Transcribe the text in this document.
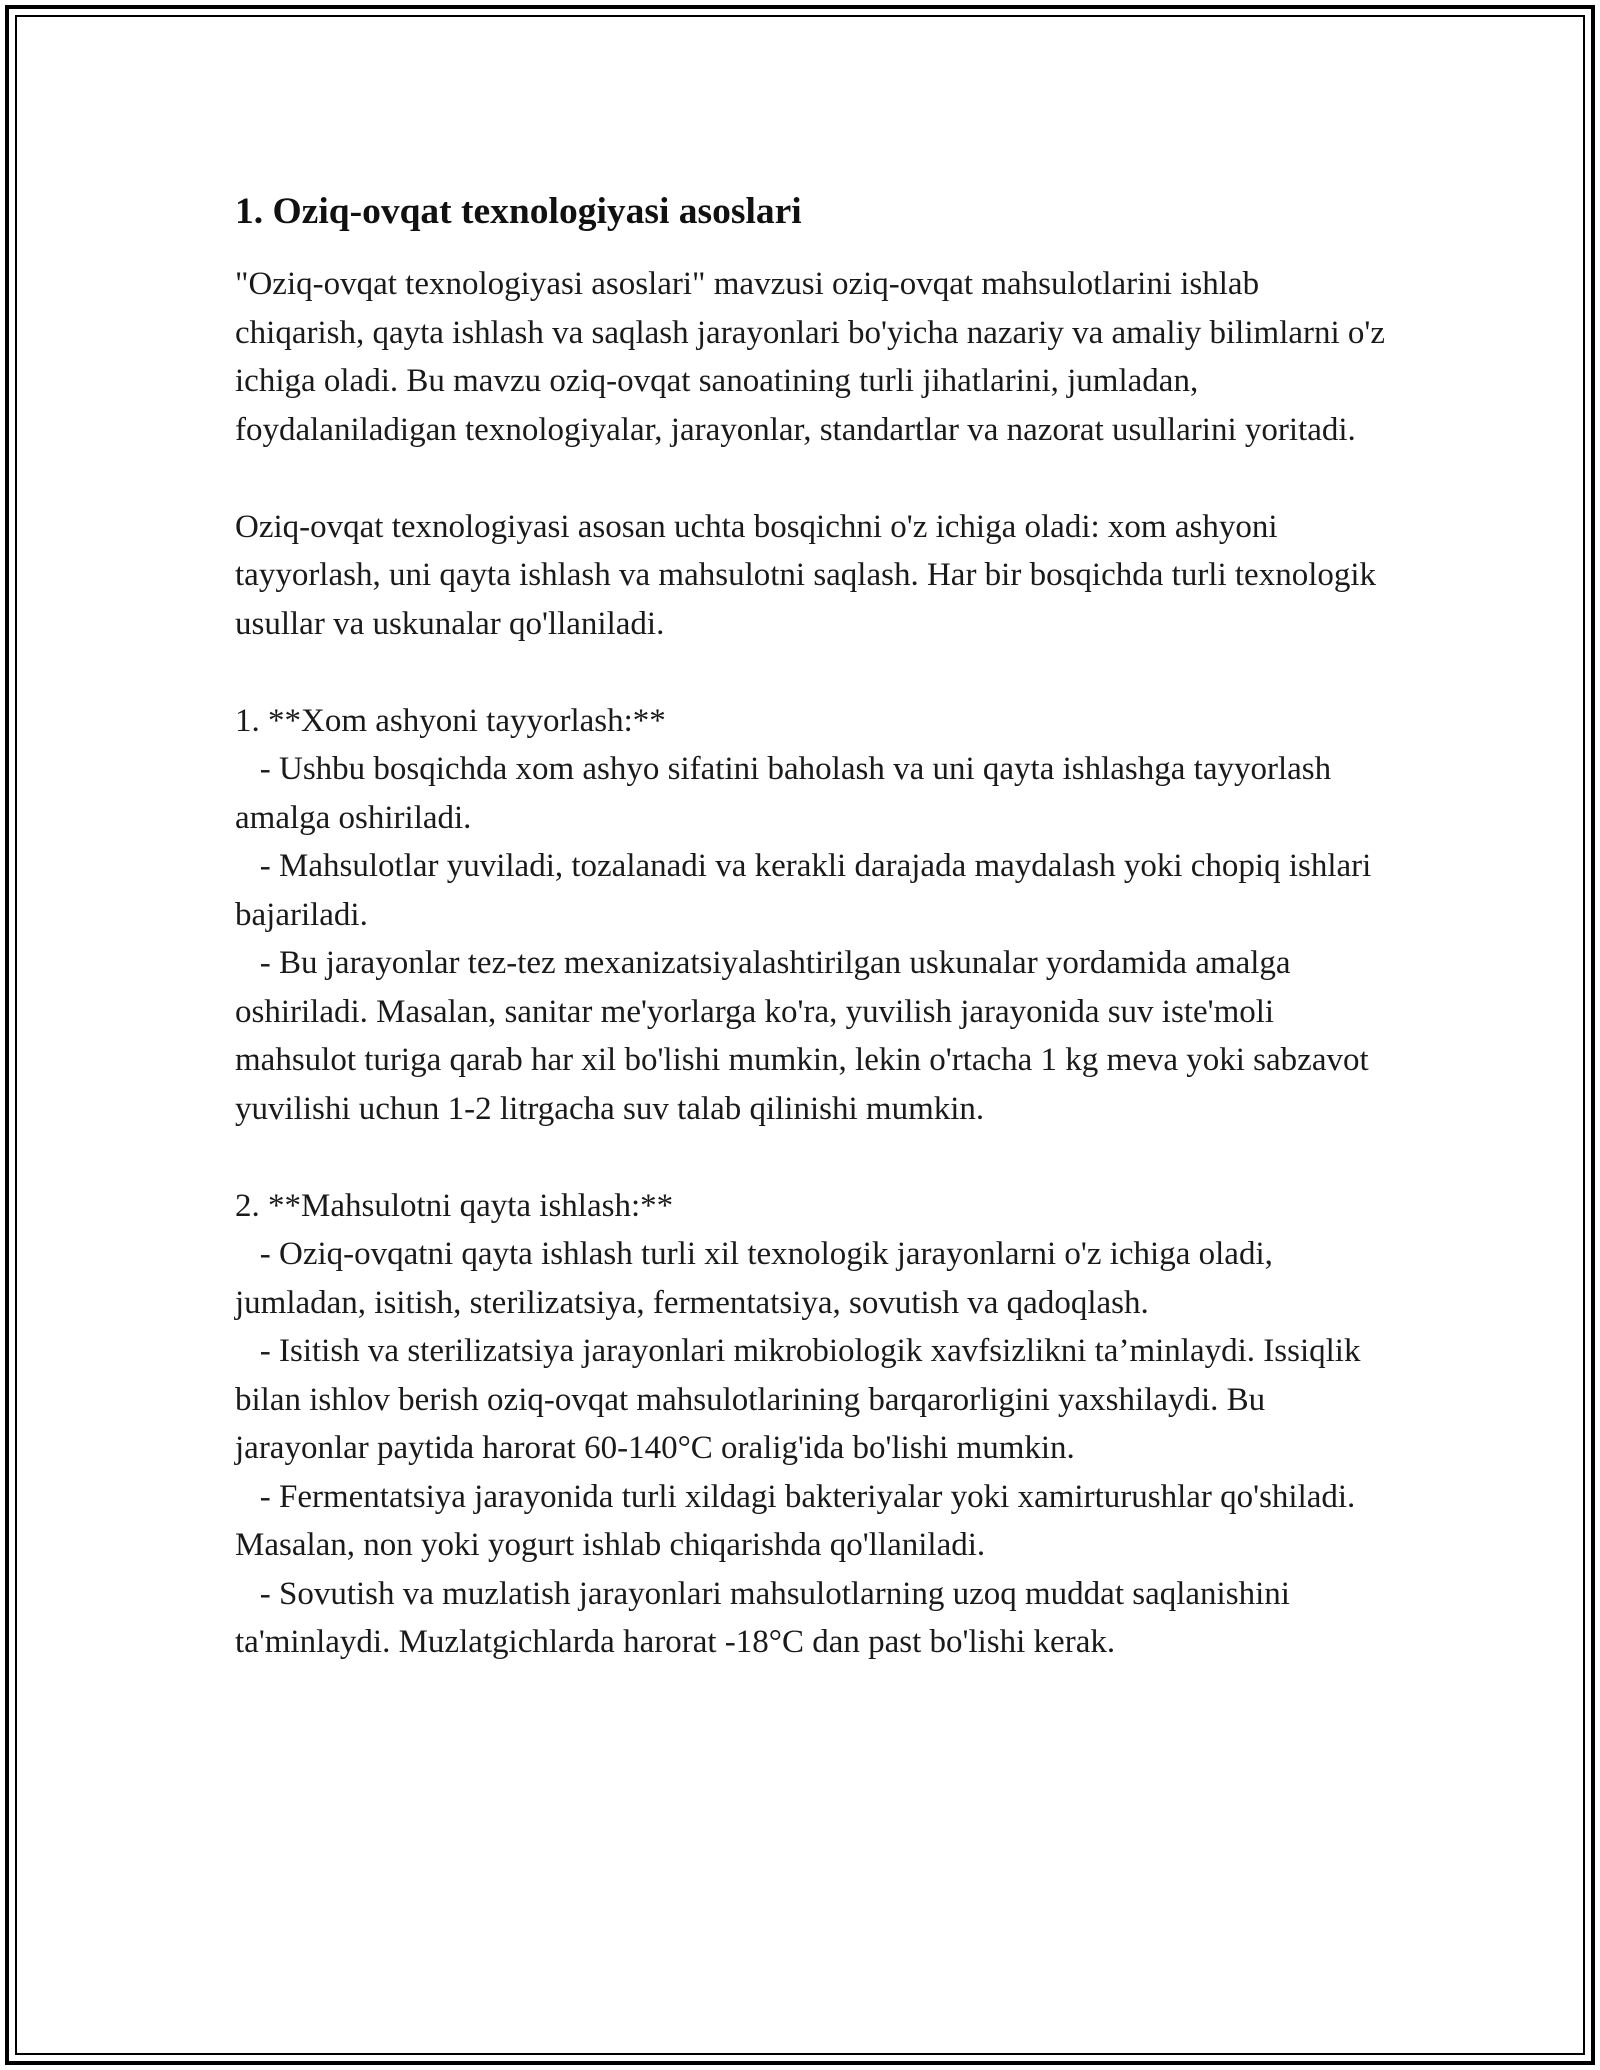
1. Oziq-ovqat texnologiyasi asoslari

"Oziq-ovqat texnologiyasi asoslari" mavzusi oziq-ovqat mahsulotlarini ishlab chiqarish, qayta ishlash va saqlash jarayonlari bo'yicha nazariy va amaliy bilimlarni o'z ichiga oladi. Bu mavzu oziq-ovqat sanoatining turli jihatlarini, jumladan, foydalaniladigan texnologiyalar, jarayonlar, standartlar va nazorat usullarini yoritadi.

Oziq-ovqat texnologiyasi asosan uchta bosqichni o'z ichiga oladi: xom ashyoni tayyorlash, uni qayta ishlash va mahsulotni saqlash. Har bir bosqichda turli texnologik usullar va uskunalar qo'llaniladi.

1. **Xom ashyoni tayyorlash:**

- Ushbu bosqichda xom ashyo sifatini baholash va uni qayta ishlashga tayyorlash amalga oshiriladi.

- Mahsulotlar yuviladi, tozalanadi va kerakli darajada maydalash yoki chopiq ishlari bajariladi.

- Bu jarayonlar tez-tez mexanizatsiyalashtirilgan uskunalar yordamida amalga oshiriladi. Masalan, sanitar me'yorlarga ko'ra, yuvilish jarayonida suv iste'moli mahsulot turiga qarab har xil bo'lishi mumkin, lekin o'rtacha 1 kg meva yoki sabzavot yuvilishi uchun 1-2 litrgacha suv talab qilinishi mumkin.

2. **Mahsulotni qayta ishlash:**

- Oziq-ovqatni qayta ishlash turli xil texnologik jarayonlarni o'z ichiga oladi, jumladan, isitish, sterilizatsiya, fermentatsiya, sovutish va qadoqlash.

- Isitish va sterilizatsiya jarayonlari mikrobiologik xavfsizlikni ta’minlaydi. Issiqlik bilan ishlov berish oziq-ovqat mahsulotlarining barqarorligini yaxshilaydi. Bu jarayonlar paytida harorat 60-140°C oralig'ida bo'lishi mumkin.

- Fermentatsiya jarayonida turli xildagi bakteriyalar yoki xamirturushlar qo'shiladi. Masalan, non yoki yogurt ishlab chiqarishda qo'llaniladi.

- Sovutish va muzlatish jarayonlari mahsulotlarning uzoq muddat saqlanishini ta'minlaydi. Muzlatgichlarda harorat -18°C dan past bo'lishi kerak.
